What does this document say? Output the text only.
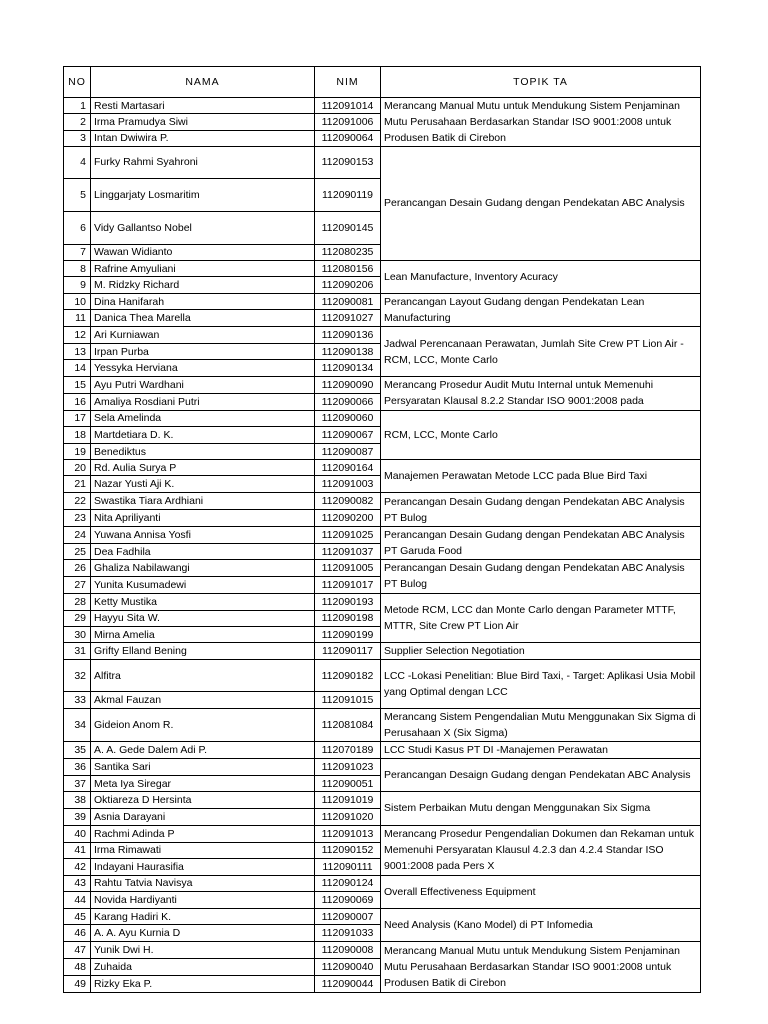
NO	NAMA	NIM	TOPIK TA
1	Resti Martasari	112091014	Merancang Manual Mutu untuk Mendukung Sistem Penjaminan Mutu Perusahaan Berdasarkan Standar ISO 9001:2008 untuk Produsen Batik di Cirebon
2	Irma Pramudya Siwi	112091006	
3	Intan Dwiwira P.	112090064	
4	Furky Rahmi Syahroni	112090153	Perancangan Desain Gudang dengan Pendekatan ABC Analysis
5	Linggarjaty Losmaritim	112090119	
6	Vidy Gallantso Nobel	112090145	
7	Wawan Widianto	112080235	
8	Rafrine Amyuliani	112080156	Lean Manufacture, Inventory Acuracy
9	M. Ridzky Richard	112090206	
10	Dina Hanifarah	112090081	Perancangan Layout Gudang dengan Pendekatan Lean Manufacturing
11	Danica Thea Marella	112091027	
12	Ari Kurniawan	112090136	Jadwal Perencanaan Perawatan, Jumlah Site Crew PT Lion Air - RCM, LCC, Monte Carlo
13	Irpan Purba	112090138	
14	Yessyka Herviana	112090134	
15	Ayu Putri Wardhani	112090090	Merancang Prosedur Audit Mutu Internal untuk Memenuhi Persyaratan Klausal 8.2.2 Standar ISO 9001:2008 pada
16	Amaliya Rosdiani Putri	112090066	
17	Sela Amelinda	112090060	RCM, LCC, Monte Carlo
18	Martdetiara D. K.	112090067	
19	Benediktus	112090087	
20	Rd. Aulia Surya P	112090164	Manajemen Perawatan Metode LCC pada Blue Bird Taxi
21	Nazar Yusti Aji K.	112091003	
22	Swastika Tiara Ardhiani	112090082	Perancangan Desain Gudang dengan Pendekatan ABC Analysis PT Bulog
23	Nita Apriliyanti	112090200	
24	Yuwana Annisa Yosfi	112091025	Perancangan Desain Gudang dengan Pendekatan ABC Analysis PT Garuda Food
25	Dea Fadhila	112091037	
26	Ghaliza Nabilawangi	112091005	Perancangan Desain Gudang dengan Pendekatan ABC Analysis PT Bulog
27	Yunita Kusumadewi	112091017	
28	Ketty Mustika	112090193	Metode RCM, LCC dan Monte Carlo dengan Parameter MTTF, MTTR, Site Crew PT Lion Air
29	Hayyu Sita W.	112090198	
30	Mirna Amelia	112090199	
31	Grifty Elland Bening	112090117	Supplier Selection Negotiation
32	Alfitra	112090182	LCC -Lokasi Penelitian: Blue Bird Taxi, - Target: Aplikasi Usia Mobil yang Optimal dengan LCC
33	Akmal Fauzan	112091015	
34	Gideion Anom R.	112081084	Merancang Sistem Pengendalian Mutu Menggunakan Six Sigma di Perusahaan X (Six Sigma)
35	A. A. Gede Dalem Adi P.	112070189	LCC Studi Kasus PT DI -Manajemen Perawatan
36	Santika Sari	112091023	Perancangan Desaign Gudang dengan Pendekatan ABC Analysis
37	Meta Iya Siregar	112090051	
38	Oktiareza D Hersinta	112091019	Sistem Perbaikan Mutu dengan Menggunakan Six Sigma
39	Asnia Darayani	112091020	
40	Rachmi Adinda P	112091013	Merancang Prosedur Pengendalian Dokumen dan Rekaman untuk Memenuhi Persyaratan Klausul 4.2.3 dan 4.2.4 Standar ISO 9001:2008 pada Pers X
41	Irma Rimawati	112090152	
42	Indayani Haurasifia	112090111	
43	Rahtu Tatvia Navisya	112090124	Overall Effectiveness Equipment
44	Novida Hardiyanti	112090069	
45	Karang Hadiri K.	112090007	Need Analysis (Kano Model) di PT Infomedia
46	A. A. Ayu Kurnia D	112091033	
47	Yunik Dwi H.	112090008	Merancang Manual Mutu untuk Mendukung Sistem Penjaminan Mutu Perusahaan Berdasarkan Standar ISO 9001:2008 untuk Produsen Batik di Cirebon
48	Zuhaida	112090040	
49	Rizky Eka P.	112090044	
